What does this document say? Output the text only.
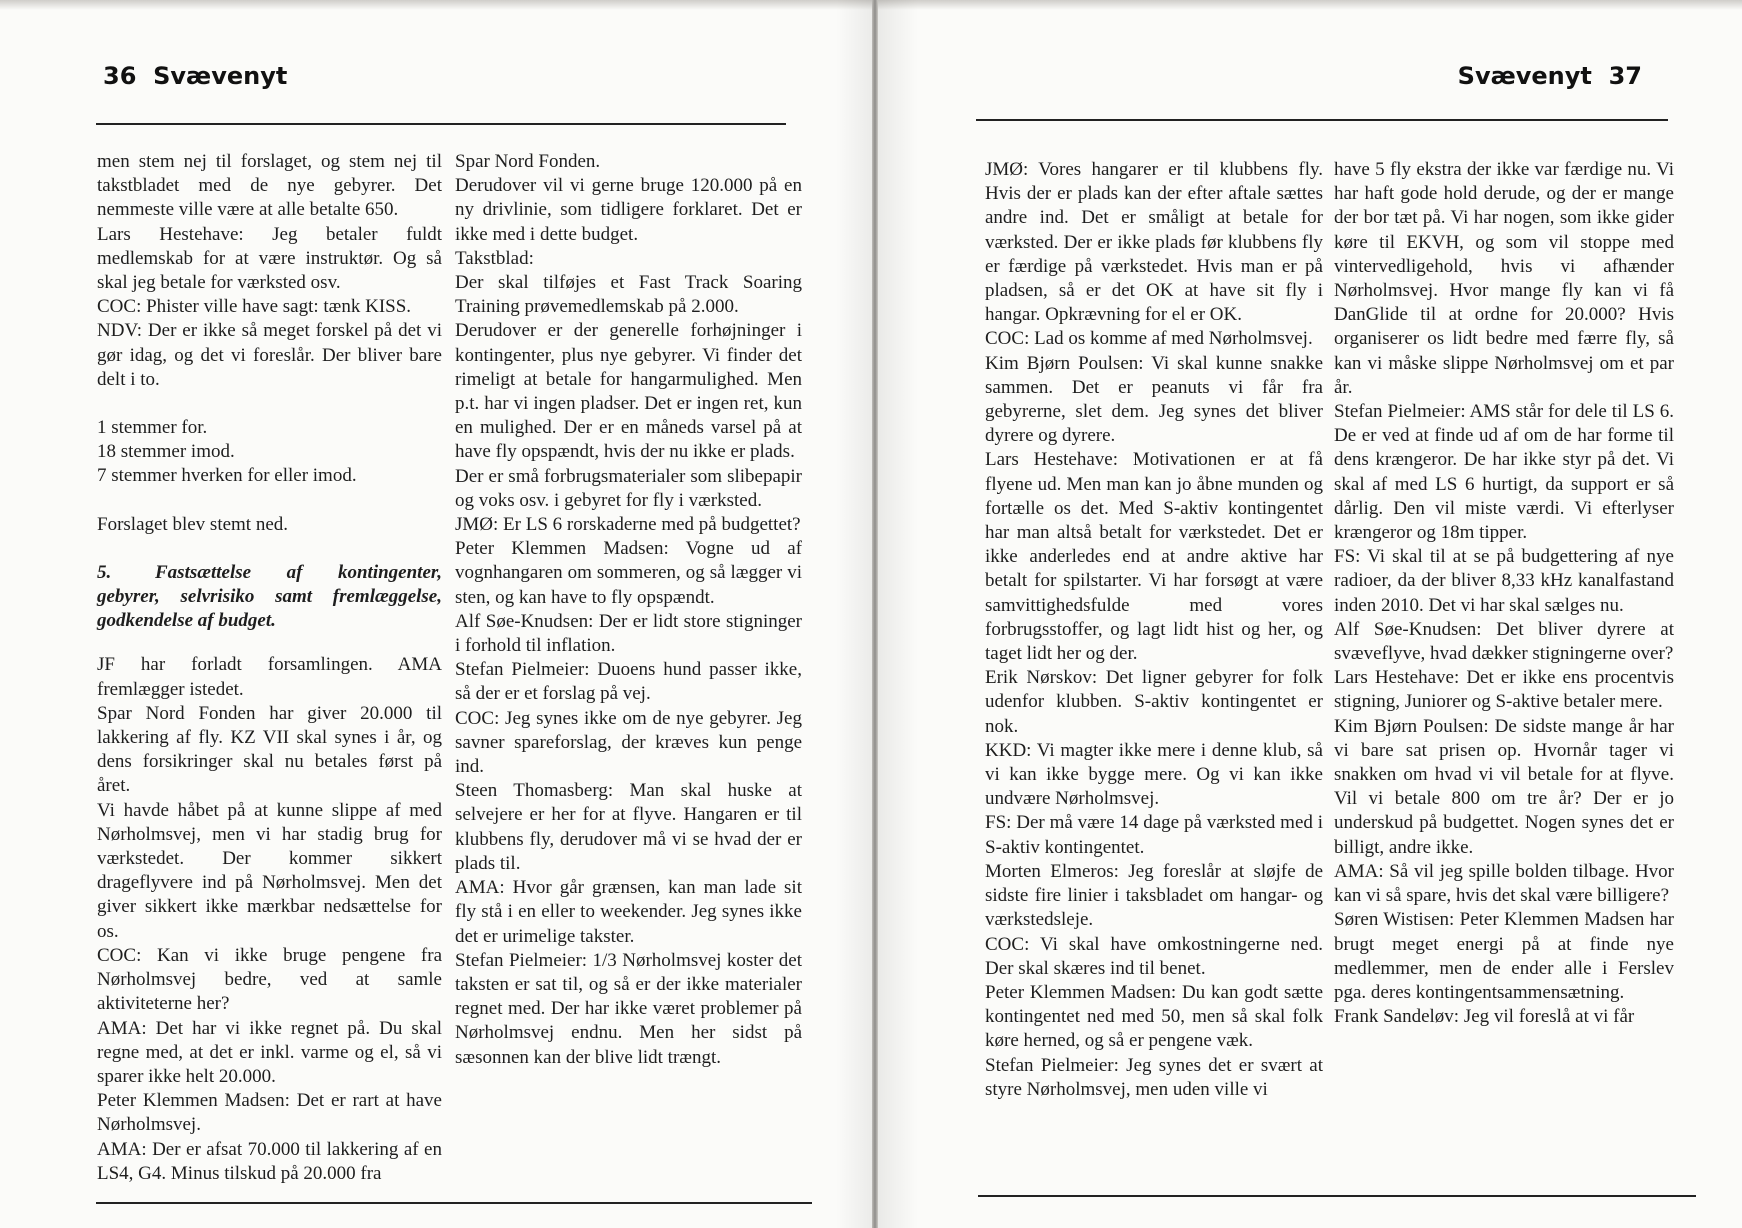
36 Svævenyt

men stem nej til forslaget, og stem nej til takstbladet med de nye gebyrer. Det nemmeste ville være at alle betalte 650.

Lars Hestehave: Jeg betaler fuldt medlemskab for at være instruktør. Og så skal jeg betale for værksted osv.

COC: Phister ville have sagt: tænk KISS.

NDV: Der er ikke så meget forskel på det vi gør idag, og det vi foreslår. Der bliver bare delt i to.

1 stemmer for.

18 stemmer imod.

7 stemmer hverken for eller imod.

Forslaget blev stemt ned.

5. Fastsættelse af kontingenter, gebyrer, selvrisiko samt fremlæggelse, godkendelse af budget.

JF har forladt forsamlingen. AMA fremlægger istedet.

Spar Nord Fonden har giver 20.000 til lakkering af fly. KZ VII skal synes i år, og dens forsikringer skal nu betales først på året.

Vi havde håbet på at kunne slippe af med Nørholmsvej, men vi har stadig brug for værkstedet. Der kommer sikkert drageflyvere ind på Nørholmsvej. Men det giver sikkert ikke mærkbar nedsættelse for os.

COC: Kan vi ikke bruge pengene fra Nørholmsvej bedre, ved at samle aktiviteterne her?

AMA: Det har vi ikke regnet på. Du skal regne med, at det er inkl. varme og el, så vi sparer ikke helt 20.000.

Peter Klemmen Madsen: Det er rart at have Nørholmsvej.

AMA: Der er afsat 70.000 til lakkering af en LS4, G4. Minus tilskud på 20.000 fra

Spar Nord Fonden.

Derudover vil vi gerne bruge 120.000 på en ny drivlinie, som tidligere forklaret. Det er ikke med i dette budget.

Takstblad:

Der skal tilføjes et Fast Track Soaring Training prøvemedlemskab på 2.000.

Derudover er der generelle forhøjninger i kontingenter, plus nye gebyrer. Vi finder det rimeligt at betale for hangarmulighed. Men p.t. har vi ingen pladser. Det er ingen ret, kun en mulighed. Der er en måneds varsel på at have fly opspændt, hvis der nu ikke er plads.

Der er små forbrugsmaterialer som slibepapir og voks osv. i gebyret for fly i værksted.

JMØ: Er LS 6 rorskaderne med på budgettet?

Peter Klemmen Madsen: Vogne ud af vognhangaren om sommeren, og så lægger vi sten, og kan have to fly opspændt.

Alf Søe-Knudsen: Der er lidt store stigninger i forhold til inflation.

Stefan Pielmeier: Duoens hund passer ikke, så der er et forslag på vej.

COC: Jeg synes ikke om de nye gebyrer. Jeg savner spareforslag, der kræves kun penge ind.

Steen Thomasberg: Man skal huske at selvejere er her for at flyve. Hangaren er til klubbens fly, derudover må vi se hvad der er plads til.

AMA: Hvor går grænsen, kan man lade sit fly stå i en eller to weekender. Jeg synes ikke det er urimelige takster.

Stefan Pielmeier: 1/3 Nørholmsvej koster det taksten er sat til, og så er der ikke materialer regnet med. Der har ikke været problemer på Nørholmsvej endnu. Men her sidst på sæsonnen kan der blive lidt trængt.

Svævenyt 37

JMØ: Vores hangarer er til klubbens fly. Hvis der er plads kan der efter aftale sættes andre ind. Det er småligt at betale for værksted. Der er ikke plads før klubbens fly er færdige på værkstedet. Hvis man er på pladsen, så er det OK at have sit fly i hangar. Opkrævning for el er OK.

COC: Lad os komme af med Nørholmsvej.

Kim Bjørn Poulsen: Vi skal kunne snakke sammen. Det er peanuts vi får fra gebyrerne, slet dem. Jeg synes det bliver dyrere og dyrere.

Lars Hestehave: Motivationen er at få flyene ud. Men man kan jo åbne munden og fortælle os det. Med S-aktiv kontingentet har man altså betalt for værkstedet. Det er ikke anderledes end at andre aktive har betalt for spilstarter. Vi har forsøgt at være samvittighedsfulde med vores forbrugsstoffer, og lagt lidt hist og her, og taget lidt her og der.

Erik Nørskov: Det ligner gebyrer for folk udenfor klubben. S-aktiv kontingentet er nok.

KKD: Vi magter ikke mere i denne klub, så vi kan ikke bygge mere. Og vi kan ikke undvære Nørholmsvej.

FS: Der må være 14 dage på værksted med i S-aktiv kontingentet.

Morten Elmeros: Jeg foreslår at sløjfe de sidste fire linier i taksbladet om hangar- og værkstedsleje.

COC: Vi skal have omkostningerne ned. Der skal skæres ind til benet.

Peter Klemmen Madsen: Du kan godt sætte kontingentet ned med 50, men så skal folk køre herned, og så er pengene væk.

Stefan Pielmeier: Jeg synes det er svært at styre Nørholmsvej, men uden ville vi

have 5 fly ekstra der ikke var færdige nu. Vi har haft gode hold derude, og der er mange der bor tæt på. Vi har nogen, som ikke gider køre til EKVH, og som vil stoppe med vintervedligehold, hvis vi afhænder Nørholmsvej. Hvor mange fly kan vi få DanGlide til at ordne for 20.000? Hvis organiserer os lidt bedre med færre fly, så kan vi måske slippe Nørholmsvej om et par år.

Stefan Pielmeier: AMS står for dele til LS 6. De er ved at finde ud af om de har forme til dens krængeror. De har ikke styr på det. Vi skal af med LS 6 hurtigt, da support er så dårlig. Den vil miste værdi. Vi efterlyser krængeror og 18m tipper.

FS: Vi skal til at se på budgettering af nye radioer, da der bliver 8,33 kHz kanalfastand inden 2010. Det vi har skal sælges nu.

Alf Søe-Knudsen: Det bliver dyrere at svæveflyve, hvad dækker stigningerne over?

Lars Hestehave: Det er ikke ens procentvis stigning, Juniorer og S-aktive betaler mere.

Kim Bjørn Poulsen: De sidste mange år har vi bare sat prisen op. Hvornår tager vi snakken om hvad vi vil betale for at flyve. Vil vi betale 800 om tre år? Der er jo underskud på budgettet. Nogen synes det er billigt, andre ikke.

AMA: Så vil jeg spille bolden tilbage. Hvor kan vi så spare, hvis det skal være billigere?

Søren Wistisen: Peter Klemmen Madsen har brugt meget energi på at finde nye medlemmer, men de ender alle i Ferslev pga. deres kontingentsammensætning.

Frank Sandeløv: Jeg vil foreslå at vi får
